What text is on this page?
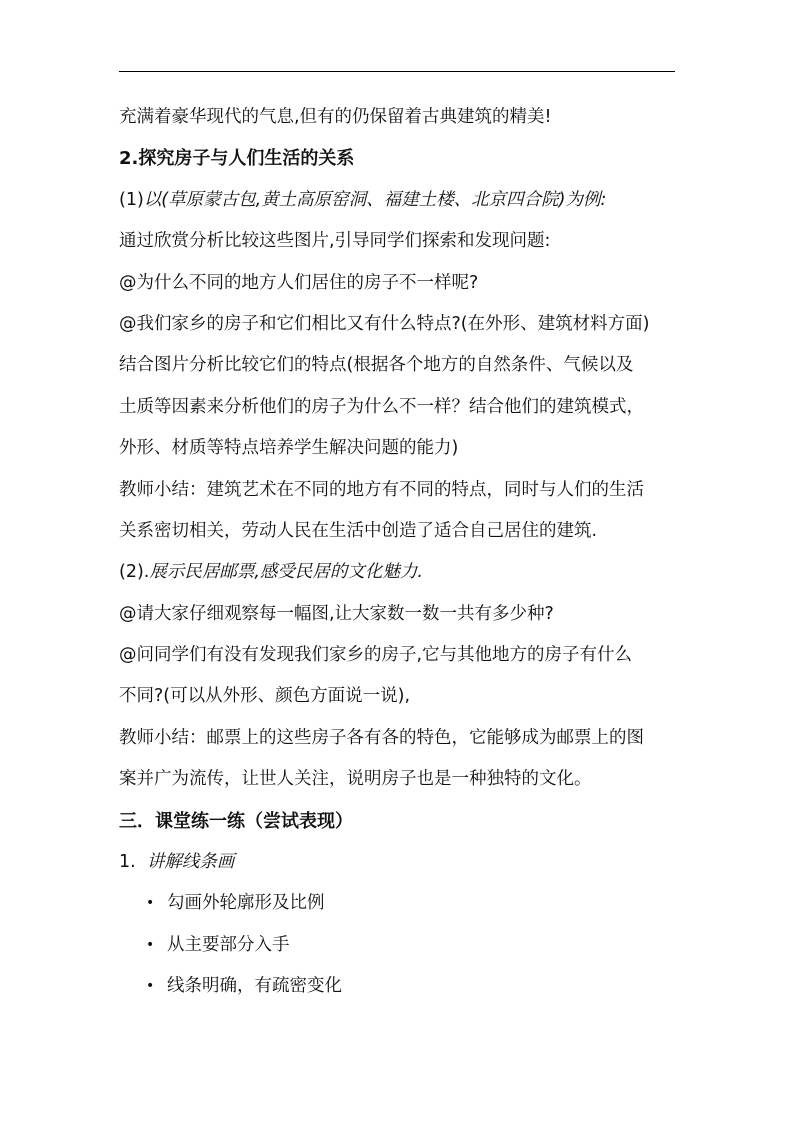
充满着豪华现代的气息,但有的仍保留着古典建筑的精美!
2.探究房子与人们生活的关系
(1)以(草原蒙古包,黄土高原窑洞、福建土楼、北京四合院)为例:
通过欣赏分析比较这些图片,引导同学们探索和发现问题:
@为什么不同的地方人们居住的房子不一样呢?
@我们家乡的房子和它们相比又有什么特点?(在外形、建筑材料方面)
结合图片分析比较它们的特点(根据各个地方的自然条件、气候以及
土质等因素来分析他们的房子为什么不一样？结合他们的建筑模式，
外形、材质等特点培养学生解决问题的能力)
教师小结：建筑艺术在不同的地方有不同的特点，同时与人们的生活
关系密切相关，劳动人民在生活中创造了适合自己居住的建筑.
(2).展示民居邮票,感受民居的文化魅力.
@请大家仔细观察每一幅图,让大家数一数一共有多少种?
@问同学们有没有发现我们家乡的房子,它与其他地方的房子有什么
不同?(可以从外形、颜色方面说一说),
教师小结：邮票上的这些房子各有各的特色，它能够成为邮票上的图
案并广为流传，让世人关注，说明房子也是一种独特的文化。
三．课堂练一练（尝试表现）
1.  讲解线条画
• 勾画外轮廓形及比例
• 从主要部分入手
• 线条明确，有疏密变化
